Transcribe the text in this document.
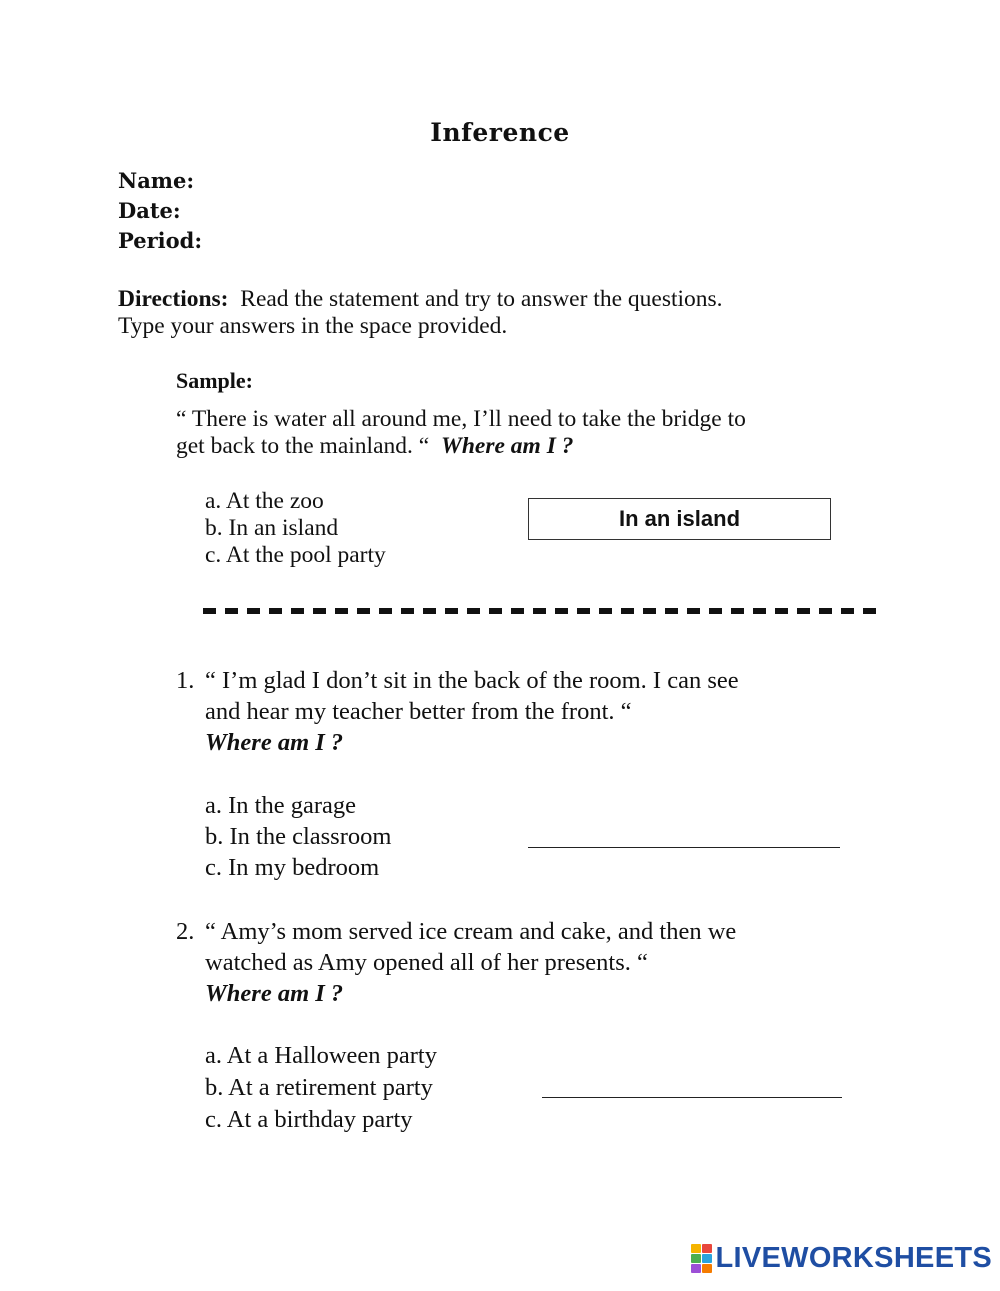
Inference
Name:
Date:
Period:
Directions: Read the statement and try to answer the questions.
Type your answers in the space provided.
Sample:
“ There is water all around me, I’ll need to take the bridge to
get back to the mainland. “ Where am I ?
a. At the zoo
b. In an island
c. At the pool party
In an island
1. “ I’m glad I don’t sit in the back of the room. I can see
and hear my teacher better from the front. “
Where am I ?
a. In the garage
b. In the classroom
c. In my bedroom
2. “ Amy’s mom served ice cream and cake, and then we
watched as Amy opened all of her presents. “
Where am I ?
a. At a Halloween party
b. At a retirement party
c. At a birthday party
LIVEWORKSHEETS
